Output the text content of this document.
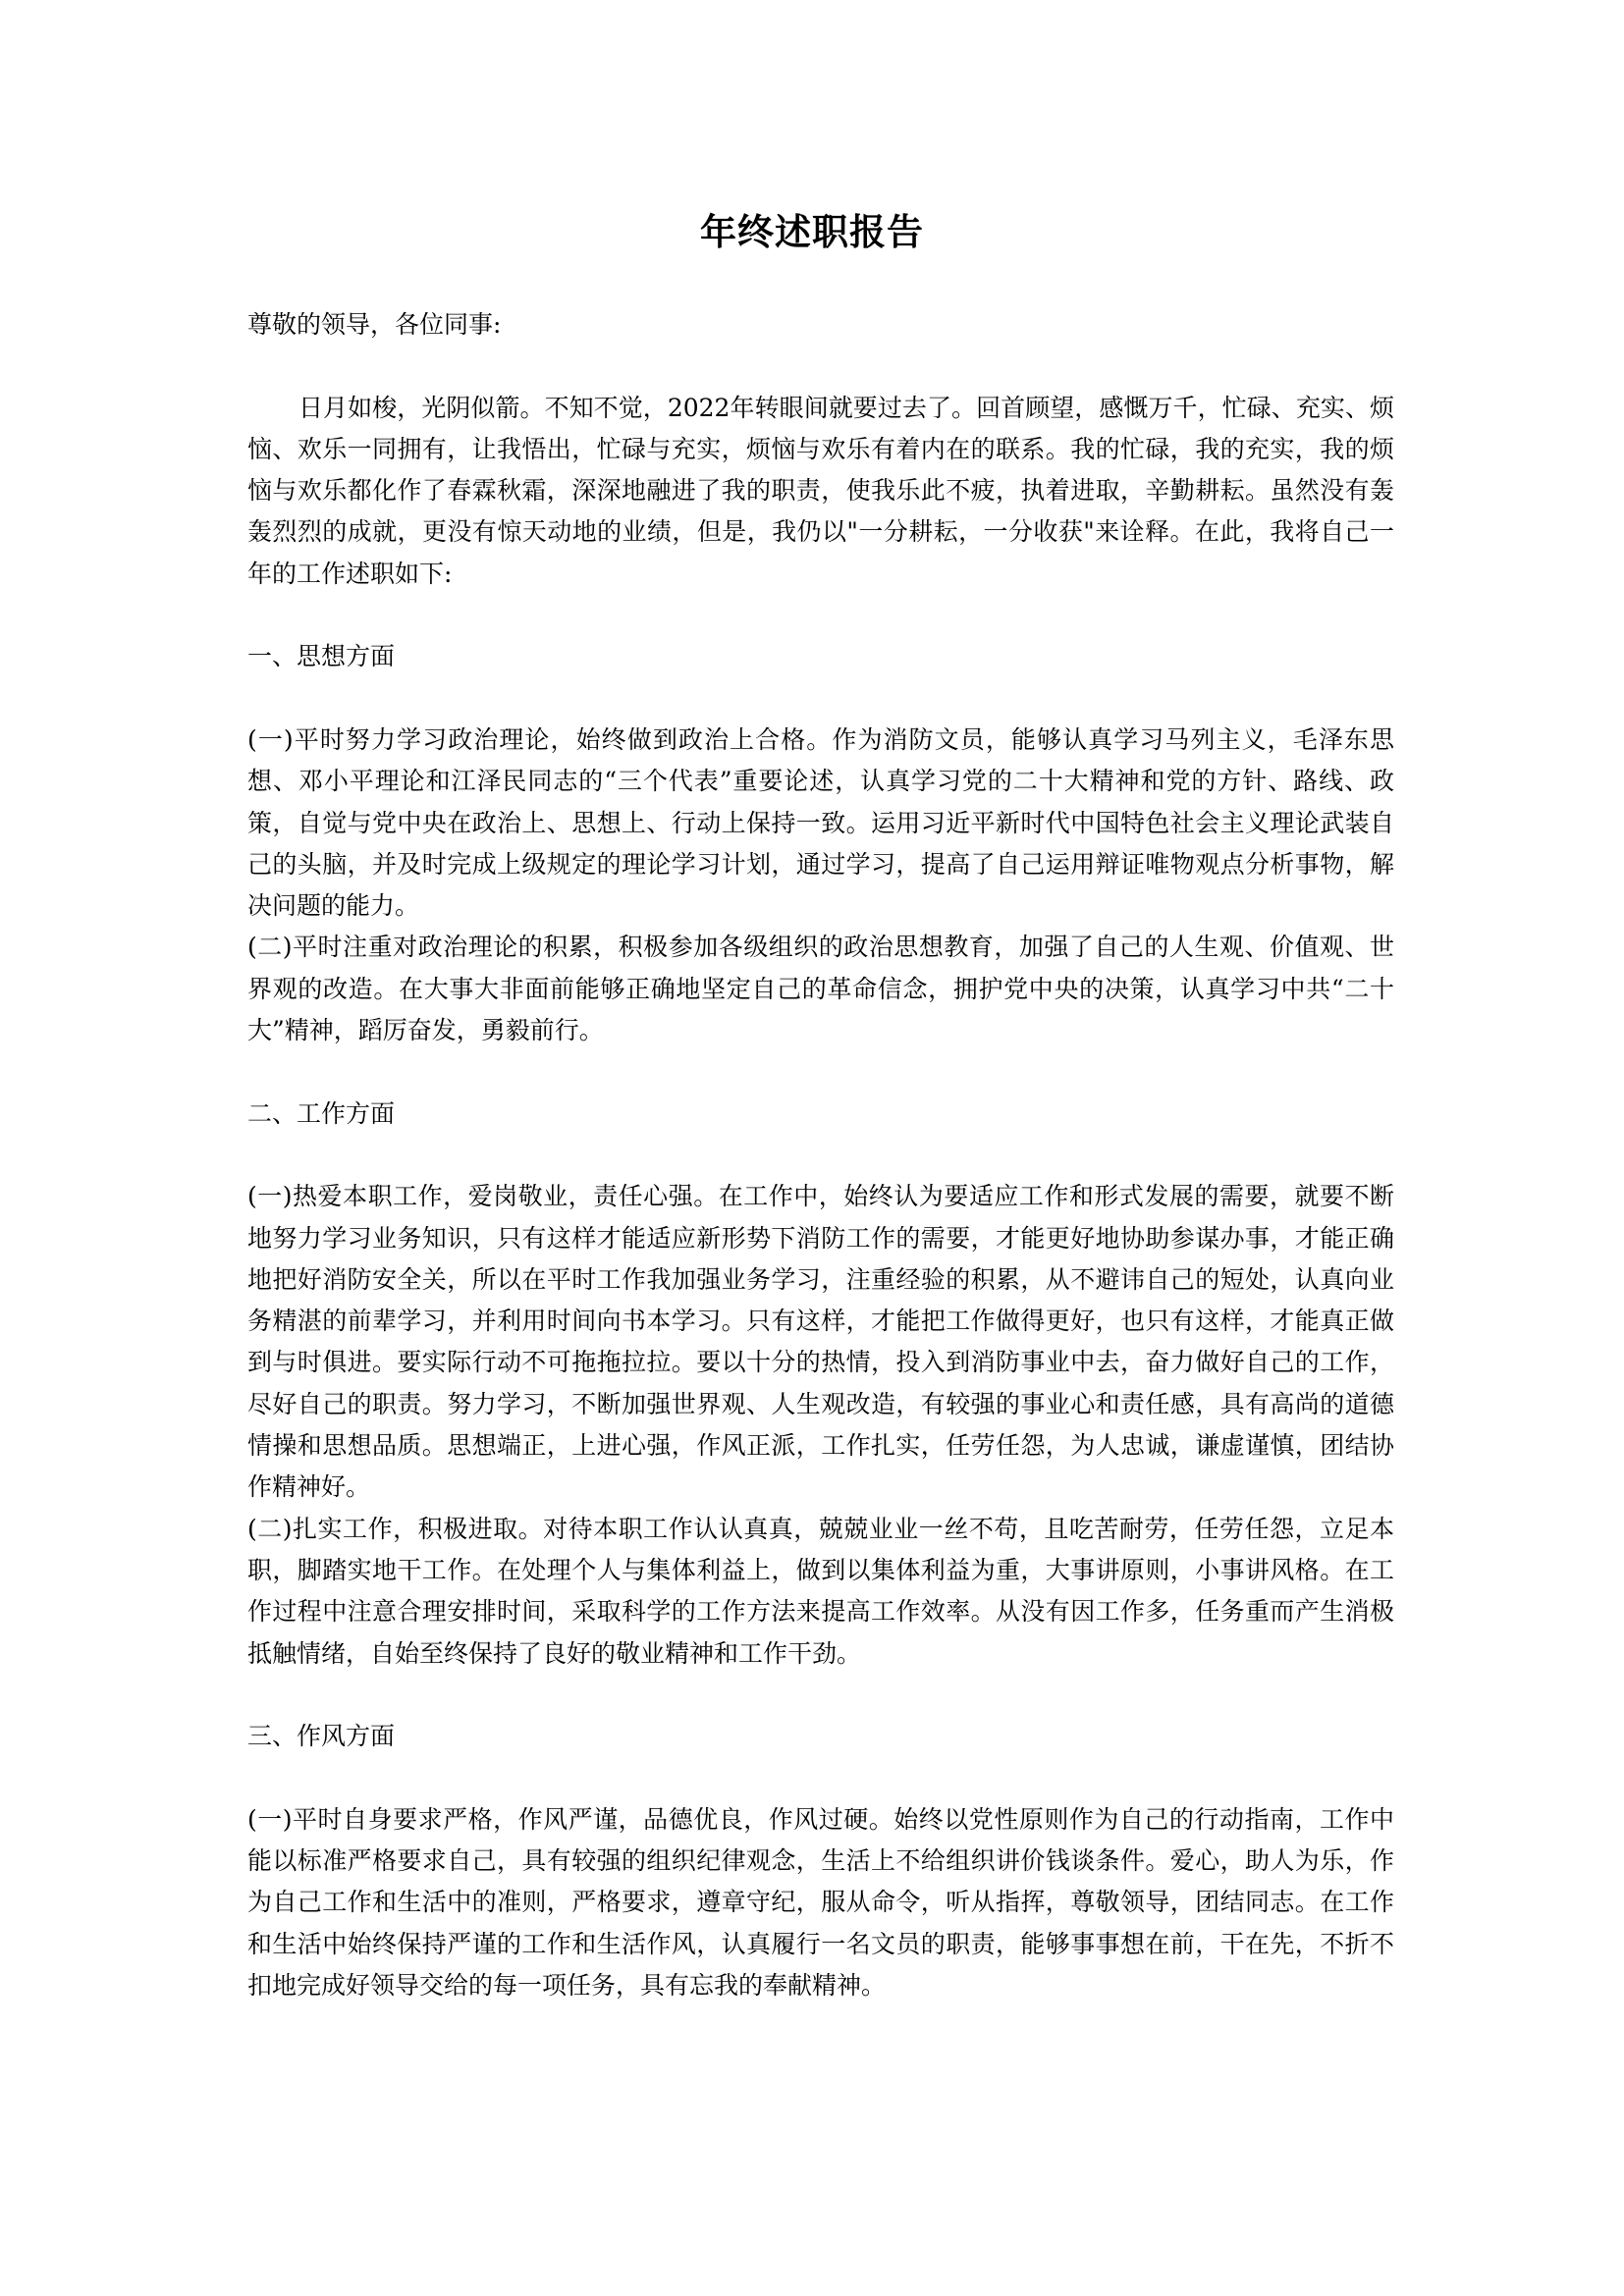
年终述职报告

尊敬的领导，各位同事:

日月如梭，光阴似箭。不知不觉，2022年转眼间就要过去了。回首顾望，感慨万千，忙碌、充实、烦恼、欢乐一同拥有，让我悟出，忙碌与充实，烦恼与欢乐有着内在的联系。我的忙碌，我的充实，我的烦恼与欢乐都化作了春霖秋霜，深深地融进了我的职责，使我乐此不疲，执着进取，辛勤耕耘。虽然没有轰轰烈烈的成就，更没有惊天动地的业绩，但是，我仍以"一分耕耘，一分收获"来诠释。在此，我将自己一年的工作述职如下:

一、思想方面

(一)平时努力学习政治理论，始终做到政治上合格。作为消防文员，能够认真学习马列主义，毛泽东思想、邓小平理论和江泽民同志的“三个代表”重要论述，认真学习党的二十大精神和党的方针、路线、政策，自觉与党中央在政治上、思想上、行动上保持一致。运用习近平新时代中国特色社会主义理论武装自己的头脑，并及时完成上级规定的理论学习计划，通过学习，提高了自己运用辩证唯物观点分析事物，解决问题的能力。

(二)平时注重对政治理论的积累，积极参加各级组织的政治思想教育，加强了自己的人生观、价值观、世界观的改造。在大事大非面前能够正确地坚定自己的革命信念，拥护党中央的决策，认真学习中共“二十大”精神，蹈厉奋发，勇毅前行。

二、工作方面

(一)热爱本职工作，爱岗敬业，责任心强。在工作中，始终认为要适应工作和形式发展的需要，就要不断地努力学习业务知识，只有这样才能适应新形势下消防工作的需要，才能更好地协助参谋办事，才能正确地把好消防安全关，所以在平时工作我加强业务学习，注重经验的积累，从不避讳自己的短处，认真向业务精湛的前辈学习，并利用时间向书本学习。只有这样，才能把工作做得更好，也只有这样，才能真正做到与时俱进。要实际行动不可拖拖拉拉。要以十分的热情，投入到消防事业中去，奋力做好自己的工作，尽好自己的职责。努力学习，不断加强世界观、人生观改造，有较强的事业心和责任感，具有高尚的道德情操和思想品质。思想端正，上进心强，作风正派，工作扎实，任劳任怨，为人忠诚，谦虚谨慎，团结协作精神好。

(二)扎实工作，积极进取。对待本职工作认认真真，兢兢业业一丝不苟，且吃苦耐劳，任劳任怨，立足本职，脚踏实地干工作。在处理个人与集体利益上，做到以集体利益为重，大事讲原则，小事讲风格。在工作过程中注意合理安排时间，采取科学的工作方法来提高工作效率。从没有因工作多，任务重而产生消极抵触情绪，自始至终保持了良好的敬业精神和工作干劲。

三、作风方面

(一)平时自身要求严格，作风严谨，品德优良，作风过硬。始终以党性原则作为自己的行动指南，工作中能以标准严格要求自己，具有较强的组织纪律观念，生活上不给组织讲价钱谈条件。爱心，助人为乐，作为自己工作和生活中的准则，严格要求，遵章守纪，服从命令，听从指挥，尊敬领导，团结同志。在工作和生活中始终保持严谨的工作和生活作风，认真履行一名文员的职责，能够事事想在前，干在先，不折不扣地完成好领导交给的每一项任务，具有忘我的奉献精神。
